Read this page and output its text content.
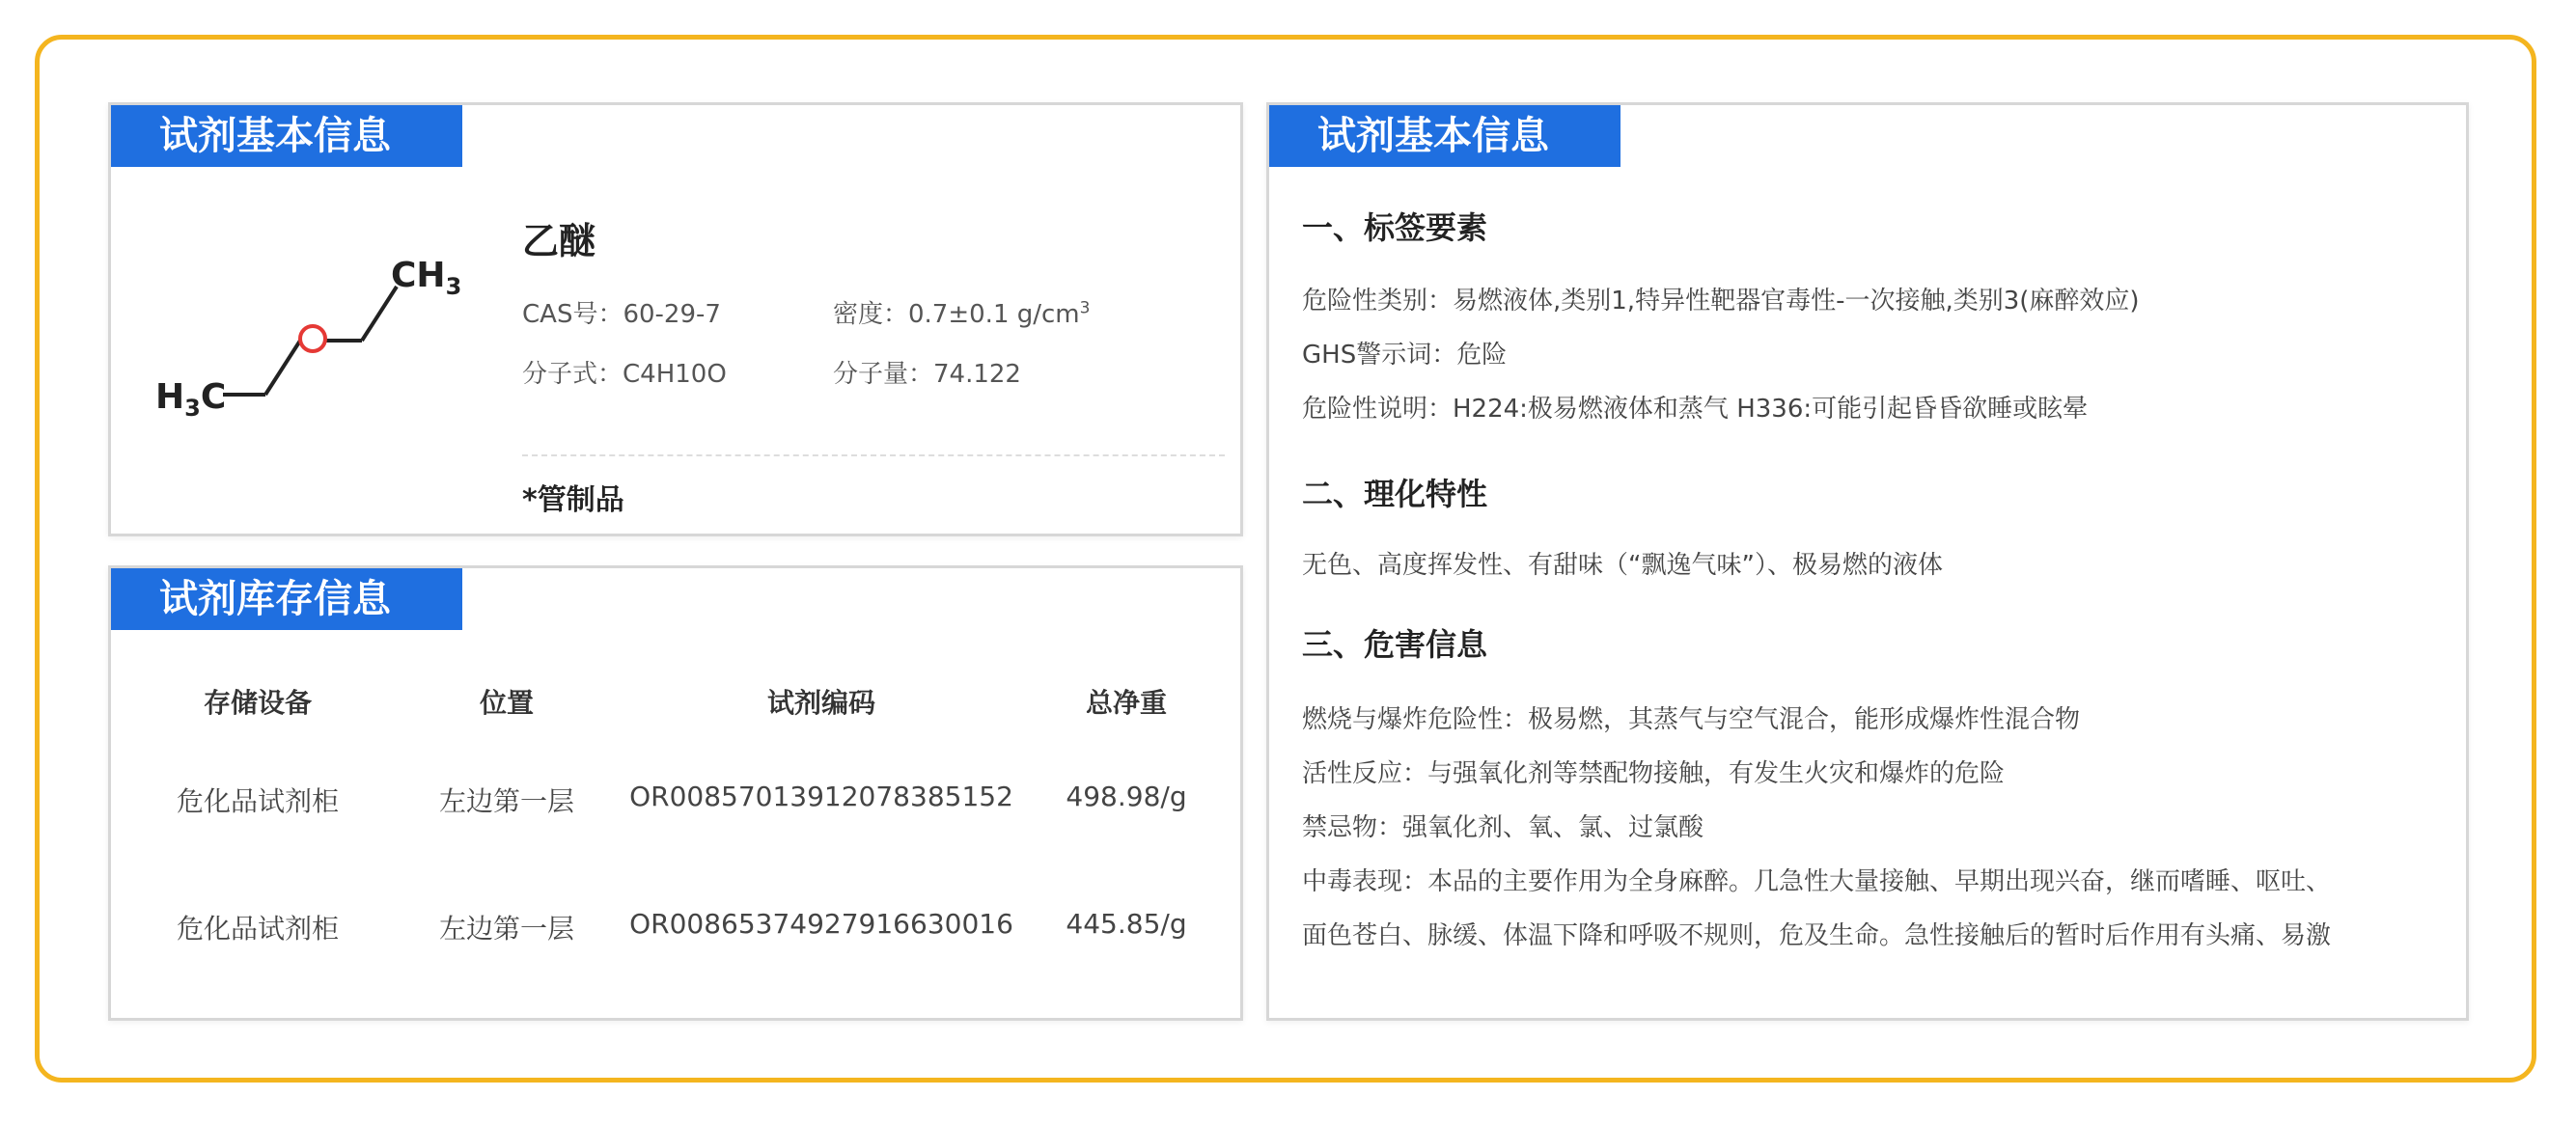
试剂基本信息
$CH_3$
$H_3C$
乙醚
CAS号：60-29-7	密度：0.7±0.1 $g/cm^3$
分子式：C4H10O	分子量：74.122
*管制品
试剂库存信息
存储设备	位置	试剂编码	总净重
危化品试剂柜	左边第一层 OR00857013912078385152 498.98/g
危化品试剂柜	左边第一层 OR00865374927916630016 445.85/g
试剂基本信息
一、标签要素
危险性类别：易燃液体,类别1,特异性靶器官毒性-一次接触,类别3(麻醉效应)
GHS警示词：危险
危险性说明：H224:极易燃液体和蒸气 H336:可能引起昏昏欲睡或眩晕
二、理化特性
无色、高度挥发性、有甜味（“飘逸气味”）、极易燃的液体
三、危害信息
燃烧与爆炸危险性：极易燃，其蒸气与空气混合，能形成爆炸性混合物
活性反应：与强氧化剂等禁配物接触，有发生火灾和爆炸的危险
禁忌物：强氧化剂、氧、氯、过氯酸
中毒表现：本品的主要作用为全身麻醉。几急性大量接触、早期出现兴奋，继而嗜睡、呕吐、
面色苍白、脉缓、体温下降和呼吸不规则，危及生命。急性接触后的暂时后作用有头痛、易激
